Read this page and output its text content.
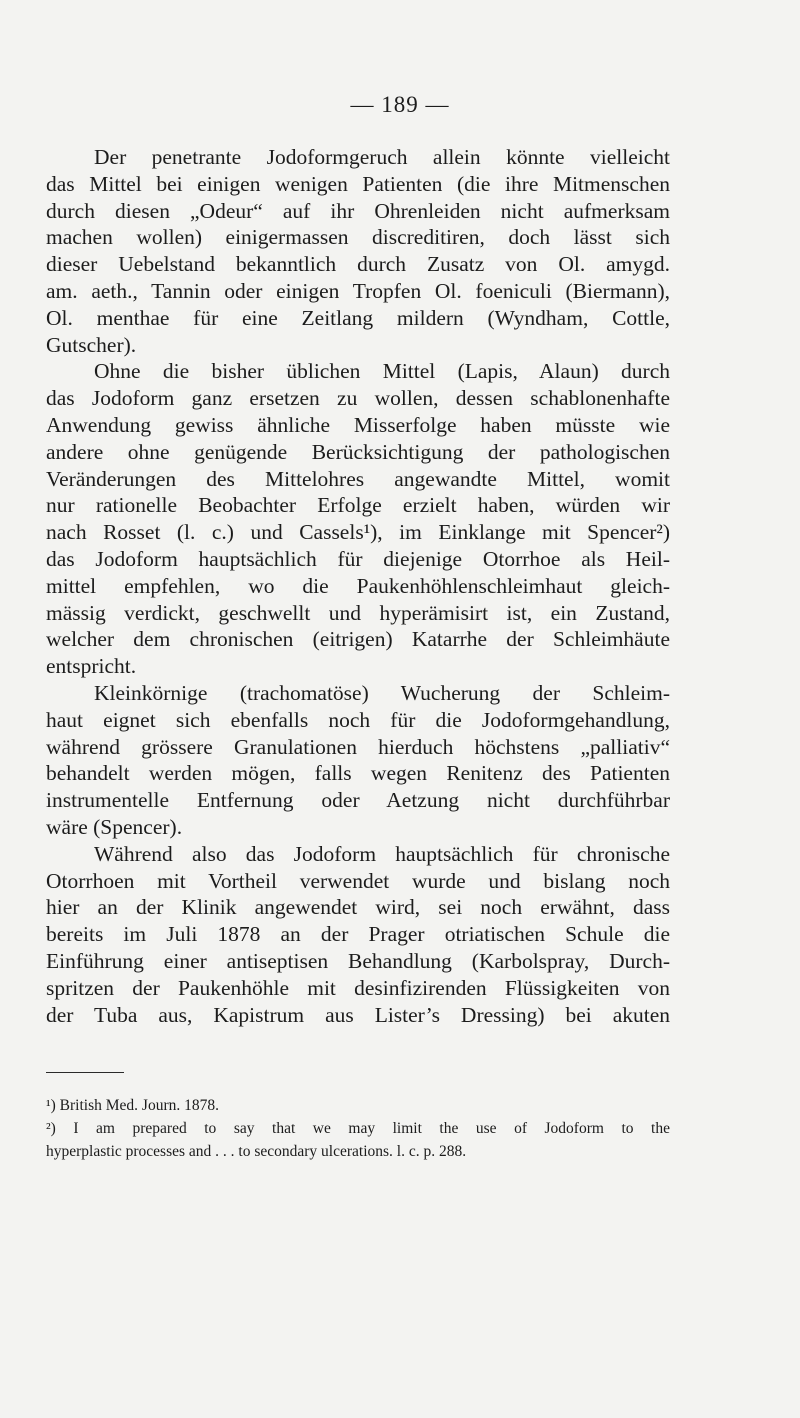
— 189 —
Der penetrante Jodoformgeruch allein könnte vielleicht
das Mittel bei einigen wenigen Patienten (die ihre Mitmenschen
durch diesen „Odeur“ auf ihr Ohrenleiden nicht aufmerksam
machen wollen) einigermassen discreditiren, doch lässt sich
dieser Uebelstand bekanntlich durch Zusatz von Ol. amygd.
am. aeth., Tannin oder einigen Tropfen Ol. foeniculi (Biermann),
Ol. menthae für eine Zeitlang mildern (Wyndham, Cottle,
Gutscher).
Ohne die bisher üblichen Mittel (Lapis, Alaun) durch
das Jodoform ganz ersetzen zu wollen, dessen schablonenhafte
Anwendung gewiss ähnliche Misserfolge haben müsste wie
andere ohne genügende Berücksichtigung der pathologischen
Veränderungen des Mittelohres angewandte Mittel, womit
nur rationelle Beobachter Erfolge erzielt haben, würden wir
nach Rosset (l. c.) und Cassels¹), im Einklange mit Spencer²)
das Jodoform hauptsächlich für diejenige Otorrhoe als Heil-
mittel empfehlen, wo die Paukenhöhlenschleimhaut gleich-
mässig verdickt, geschwellt und hyperämisirt ist, ein Zustand,
welcher dem chronischen (eitrigen) Katarrhe der Schleimhäute
entspricht.
Kleinkörnige (trachomatöse) Wucherung der Schleim-
haut eignet sich ebenfalls noch für die Jodoformgehandlung,
während grössere Granulationen hierduch höchstens „palliativ“
behandelt werden mögen, falls wegen Renitenz des Patienten
instrumentelle Entfernung oder Aetzung nicht durchführbar
wäre (Spencer).
Während also das Jodoform hauptsächlich für chronische
Otorrhoen mit Vortheil verwendet wurde und bislang noch
hier an der Klinik angewendet wird, sei noch erwähnt, dass
bereits im Juli 1878 an der Prager otriatischen Schule die
Einführung einer antiseptisen Behandlung (Karbolspray, Durch-
spritzen der Paukenhöhle mit desinfizirenden Flüssigkeiten von
der Tuba aus, Kapistrum aus Lister’s Dressing) bei akuten
¹) British Med. Journ. 1878.
²) I am prepared to say that we may limit the use of Jodoform to the
hyperplastic processes and . . . to secondary ulcerations. l. c. p. 288.
